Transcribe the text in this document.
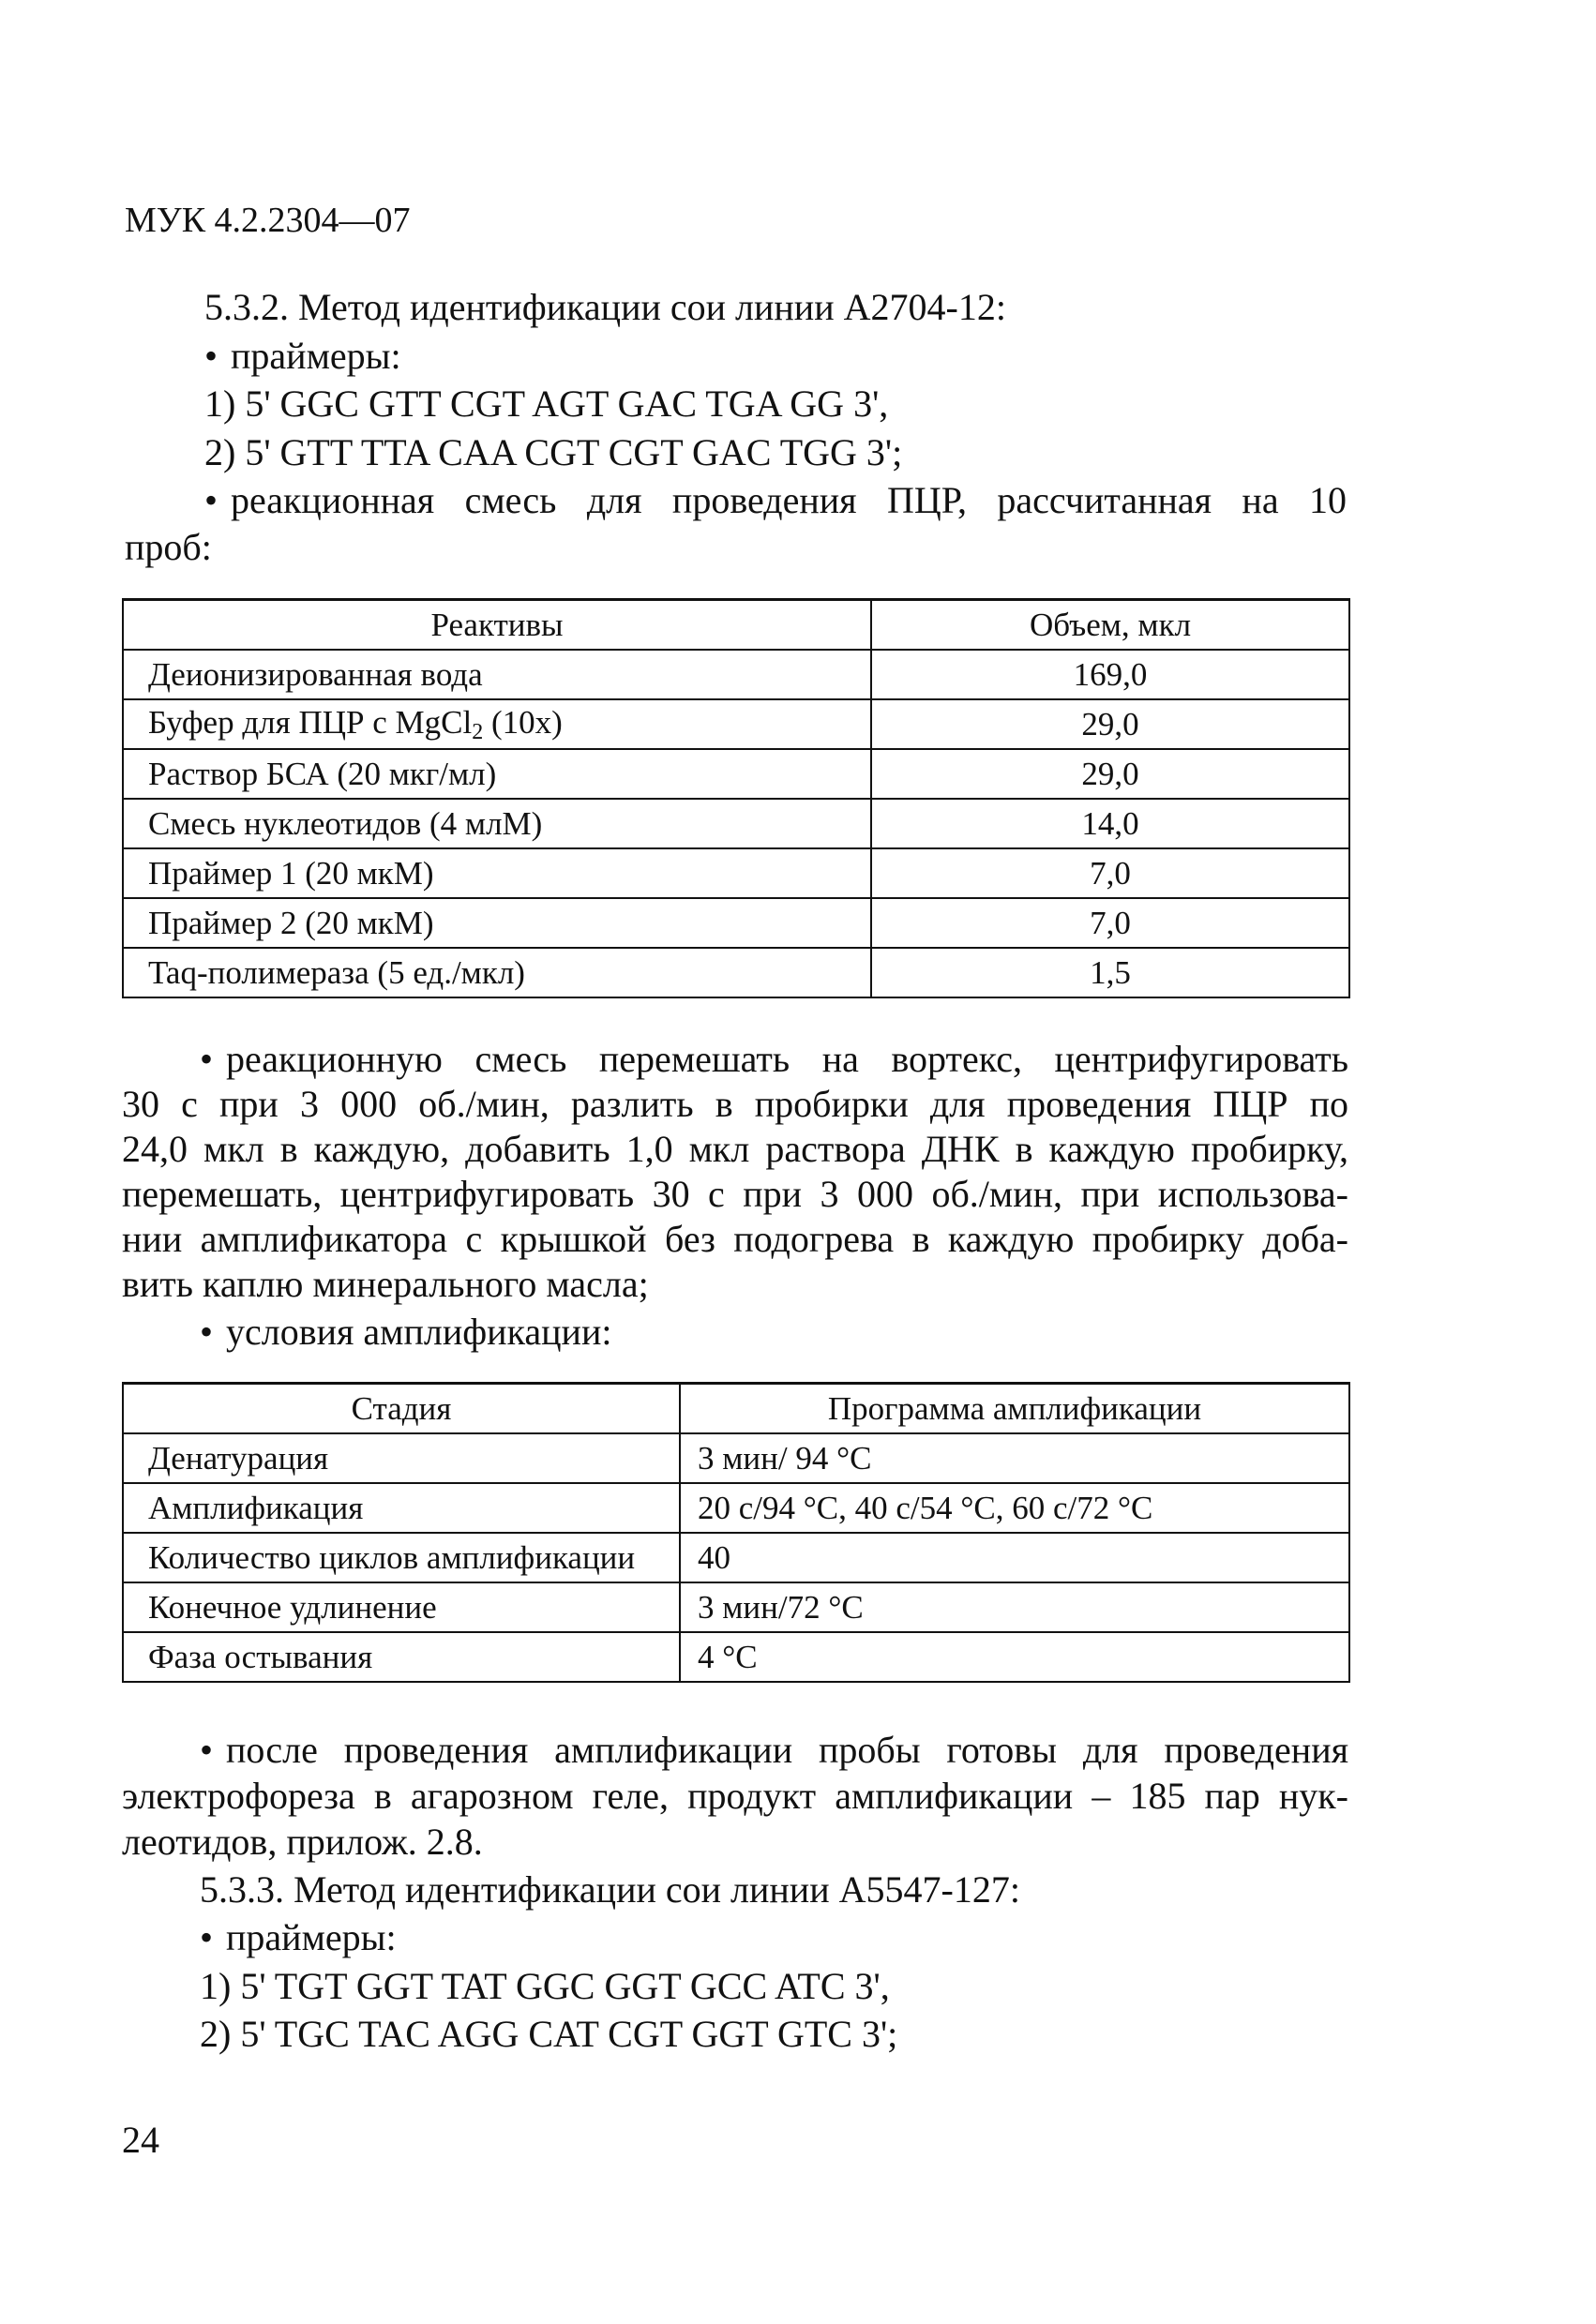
МУК 4.2.2304—07
5.3.2. Метод идентификации сои линии А2704-12:
• праймеры:
1) 5' GGC GTT CGT AGT GAC TGA GG 3',
2) 5' GTT TTA CAA CGT CGT GAC TGG 3';
• реакционная смесь для проведения ПЦР, рассчитанная на 10
проб:
Реактивы	Объем, мкл
Деионизированная вода	169,0
Буфер для ПЦР с MgCl$_2$ (10х)	29,0
Раствор БСА (20 мкг/мл)	29,0
Смесь нуклеотидов (4 млМ)	14,0
Праймер 1 (20 мкМ)	7,0
Праймер 2 (20 мкМ)	7,0
Taq-полимераза (5 ед./мкл)	1,5
• реакционную смесь перемешать на вортекс, центрифугировать
30 с при 3 000 об./мин, разлить в пробирки для проведения ПЦР по
24,0 мкл в каждую, добавить 1,0 мкл раствора ДНК в каждую пробирку,
перемешать, центрифугировать 30 с при 3 000 об./мин, при использова-
нии амплификатора с крышкой без подогрева в каждую пробирку доба-
вить каплю минерального масла;
• условия амплификации:
Стадия	Программа амплификации
Денатурация	3 мин/ 94 °С
Амплификация	20 с/94 °С, 40 с/54 °С, 60 с/72 °С
Количество циклов амплификации	40
Конечное удлинение	3 мин/72 °С
Фаза остывания	4 °С
• после проведения амплификации пробы готовы для проведения
электрофореза в агарозном геле, продукт амплификации – 185 пар нук-
леотидов, прилож. 2.8.
5.3.3. Метод идентификации сои линии А5547-127:
• праймеры:
1) 5' TGT GGT TAT GGC GGT GCC ATC 3',
2) 5' TGC TAC AGG CAT CGT GGT GTC 3';
24
